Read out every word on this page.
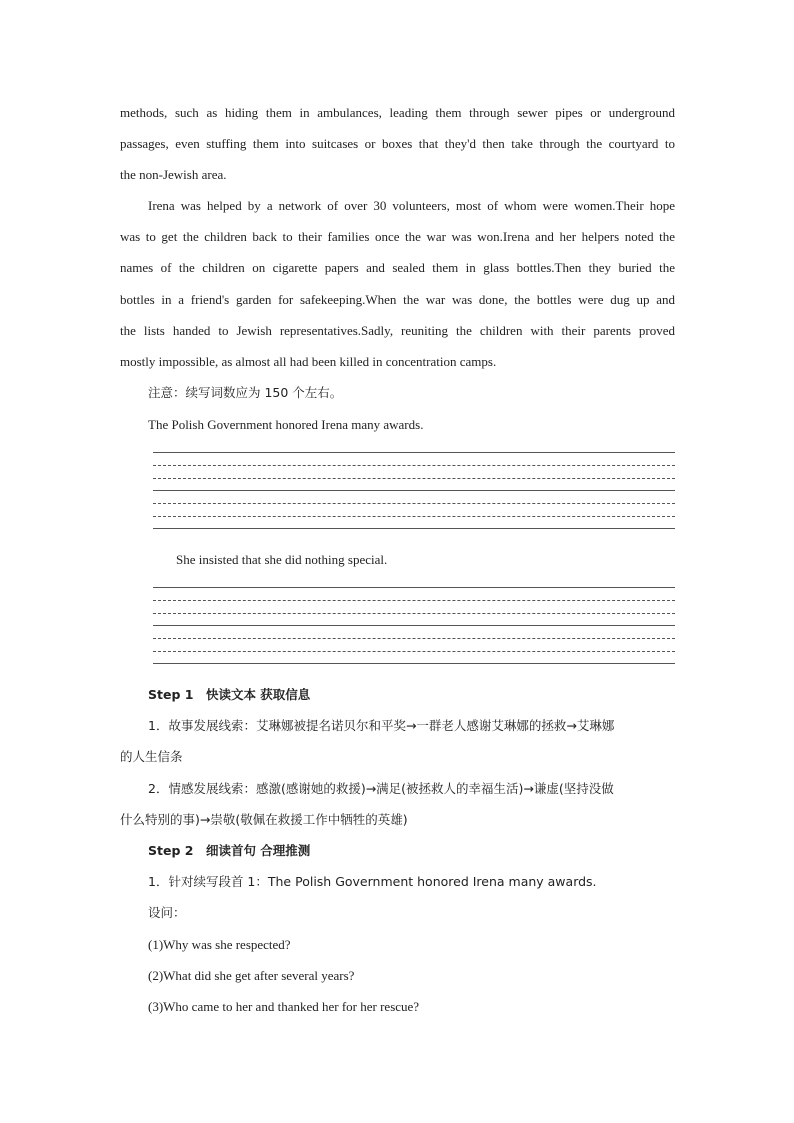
methods, such as hiding them in ambulances, leading them through sewer pipes or underground
passages, even stuffing them into suitcases or boxes that they'd then take through the courtyard to
the non-Jewish area.
Irena was helped by a network of over 30 volunteers, most of whom were women.Their hope
was to get the children back to their families once the war was won.Irena and her helpers noted the
names of the children on cigarette papers and sealed them in glass bottles.Then they buried the
bottles in a friend's garden for safekeeping.When the war was done, the bottles were dug up and
the lists handed to Jewish representatives.Sadly, reuniting the children with their parents proved
mostly impossible, as almost all had been killed in concentration camps.
注意：续写词数应为 150 个左右。
The Polish Government honored Irena many awards.
She insisted that she did nothing special.
Step 1　快读文本 获取信息
1．故事发展线索：艾琳娜被提名诺贝尔和平奖→一群老人感谢艾琳娜的拯救→艾琳娜
的人生信条
2．情感发展线索：感激(感谢她的救援)→满足(被拯救人的幸福生活)→谦虚(坚持没做
什么特别的事)→崇敬(敬佩在救援工作中牺牲的英雄)
Step 2　细读首句 合理推测
1．针对续写段首 1：The Polish Government honored Irena many awards.
设问：
(1)Why was she respected?
(2)What did she get after several years?
(3)Who came to her and thanked her for her rescue?
